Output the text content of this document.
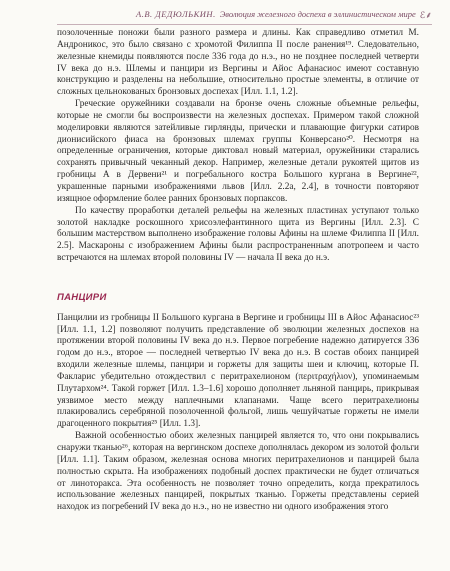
А.В. ДЕДЮЛЬКИН. Эволюция железного доспеха в эллинистическом мире ℰ⸙

позолоченные поножи были разного размера и длины. Как справедливо отметил М. Андроникос, это было связано с хромотой Филиппа II после ранения¹⁹. Следовательно, железные кнемиды появляются после 336 года до н.э., но не позднее последней четверти IV века до н.э. Шлемы и панцири из Вергины и Айос Афанасиос имеют составную конструкцию и разделены на небольшие, относительно простые элементы, в отличие от сложных цельнокованых бронзовых доспехах [Илл. 1.1, 1.2].

Греческие оружейники создавали на бронзе очень сложные объемные рельефы, которые не смогли бы воспроизвести на железных доспехах. Примером такой сложной моделировки являются затейливые гирлянды, прически и плавающие фигурки сатиров дионисийского фиаса на бронзовых шлемах группы Конверсано²⁰. Несмотря на определенные ограничения, которые диктовал новый материал, оружейники старались сохранять привычный чеканный декор. Например, железные детали рукоятей щитов из гробницы А в Дервени²¹ и погребального костра Большого кургана в Вергине²², украшенные парными изображениями львов [Илл. 2.2а, 2.4], в точности повторяют изящное оформление более ранних бронзовых порпаксов.

По качеству проработки деталей рельефы на железных пластинах уступают только золотой накладке роскошного хрисоэлефантинного щита из Вергины [Илл. 2.3]. С большим мастерством выполнено изображение головы Афины на шлеме Филиппа II [Илл. 2.5]. Маскароны с изображением Афины были распространенным апотропеем и часто встречаются на шлемах второй половины IV — начала II века до н.э.

ПАНЦИРИ

Панцилии из гробницы II Большого кургана в Вергине и гробницы III в Айос Афанасиос²³ [Илл. 1.1, 1.2] позволяют получить представление об эволюции железных доспехов на протяжении второй половины IV века до н.э. Первое погребение надежно датируется 336 годом до н.э., второе — последней четвертью IV века до н.э. В состав обоих панцирей входили железные шлемы, панцири и горжеты для защиты шеи и ключиц, которые П. Факларис убедительно отождествил с перитрахелионом (περιτραχήλιον), упоминаемым Плутархом²⁴. Такой горжет [Илл. 1.3–1.6] хорошо дополняет льняной панцирь, прикрывая уязвимое место между наплечными клапанами. Чаще всего перитрахелионы плакировались серебряной позолоченной фольгой, лишь чешуйчатые горжеты не имели драгоценного покрытия²⁵ [Илл. 1.3].

Важной особенностью обоих железных панцирей является то, что они покрывались снаружи тканью²⁶, которая на вергинском доспехе дополнялась декором из золотой фольги [Илл. 1.1]. Таким образом, железная основа многих перитрахелионов и панцирей была полностью скрыта. На изображениях подобный доспех практически не будет отличаться от линоторакса. Эта особенность не позволяет точно определить, когда прекратилось использование железных панцирей, покрытых тканью. Горжеты представлены серией находок из погребений IV века до н.э., но не известно ни одного изображения этого
